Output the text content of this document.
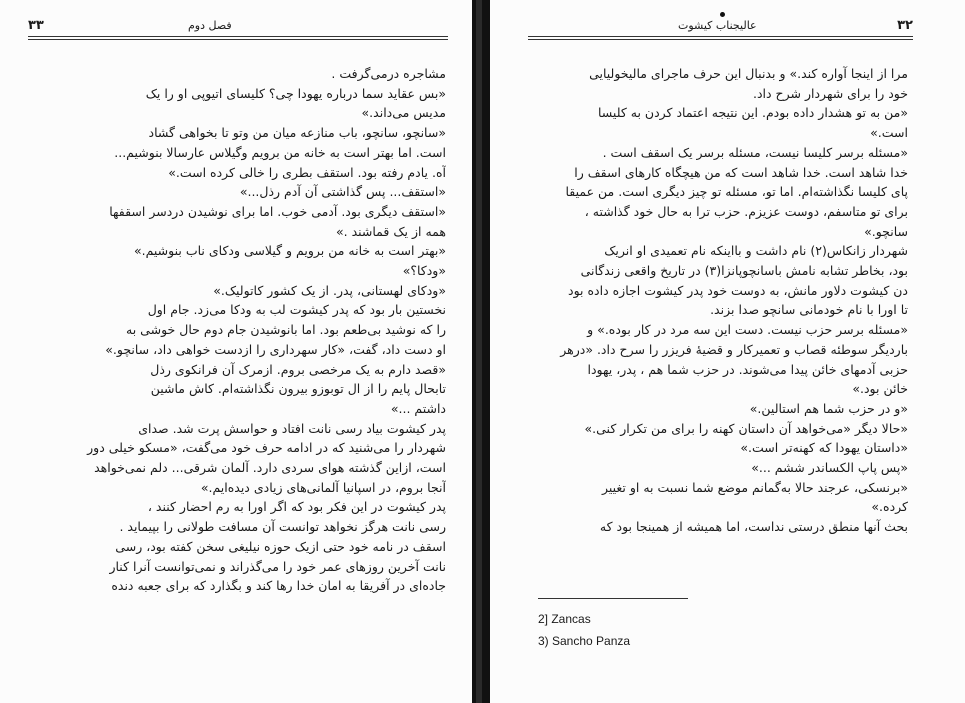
۳۳	فصل دوم
مشاجره درمی‌گرفت .
«بس عقاید سما درباره یهودا چی؟ کلیسای اتیوپی او را یک
مدیس می‌داند.»
«سانچو، سانچو، باب منازعه میان من وتو تا بخواهی گشاد
است. اما بهتر است به خانه من برویم وگیلاس عارسالا بنوشیم...
آه. یادم رفته بود. استقف بطری را خالی کرده است.»
«استقف... پس گذاشتی آن آدم رذل...»
«استقف دیگری بود. آدمی خوب. اما برای نوشیدن دردسر اسقفها
همه از یک قماشند .»
«بهتر است به خانه من برویم و گیلاسی ودکای ناب بنوشیم.»
«ودکا؟»
«ودکای لهستانی، پدر. از یک کشور کاتولیک.»
نخستین بار بود که پدر کیشوت لب به ودکا می‌زد. جام اول
را که نوشید بی‌طعم بود. اما بانوشیدن جام دوم حال خوشی به
او دست داد، گفت، «کار سهرداری را ازدست خواهی داد، سانچو.»
«قصد دارم به یک مرخصی بروم. ازمرک آن فرانکوی رذل
تابحال پایم را از ال توبوزو بیرون نگذاشته‌ام. کاش ماشین
داشتم ...»
پدر کیشوت بیاد رسی نانت افتاد و حواسش پرت شد. صدای
شهردار را می‌شنید که در ادامه حرف خود می‌گفت، «مسکو خیلی دور
است، ازاین گذشته هوای سردی دارد. آلمان شرقی... دلم نمی‌خواهد
آنجا بروم، در اسپانیا آلمانی‌های زیادی دیده‌ایم.»
پدر کیشوت در این فکر بود که اگر اورا به رم احضار کنند ،
رسی نانت هرگز نخواهد توانست آن مسافت طولانی را بپیماید .
اسقف در نامه خود حتی ازیک حوزه نیلیغی سخن کفته بود، رسی
نانت آخرین روزهای عمر خود را می‌گذراند و نمی‌توانست آنرا کنار
جاده‌ای در آفریقا به امان خدا رها کند و بگذارد که برای جعبه دنده
۳۲
عالیجناب کیشوت
مرا از اینجا آواره کند.» و بدنبال این حرف ماجرای مالیخولیایی
خود را برای شهردار شرح داد.
«من به تو هشدار داده بودم. این نتیجه اعتماد کردن به کلیسا
است.»
«مسئله برسر کلیسا نیست، مسئله برسر یک اسقف است .
خدا شاهد است. خدا شاهد است که من هیچگاه کارهای اسقف را
پای کلیسا نگذاشته‌ام. اما تو، مسئله تو چیز دیگری است. من عمیقا
برای تو متاسفم، دوست عزیزم. حزب ترا به حال خود گذاشته ،
سانچو.»
شهردار زانکاس(۲) نام داشت و بااینکه نام تعمیدی او انریک
بود، بخاطر تشابه نامش باسانچوپانزا(۳) در تاریخ واقعی زندگانی
دن کیشوت دلاور مانش، به دوست خود پدر کیشوت اجازه داده بود
تا اورا با نام خودمانی سانچو صدا بزند.
«مسئله برسر حزب نیست. دست این سه مرد در کار بوده.» و
باردیگر سوطئه قصاب و تعمیرکار و قضیهٔ فریزر را سرح داد. «درهر
حزبی آدمهای خائن پیدا می‌شوند. در حزب شما هم ، پدر، یهودا
خائن بود.»
«و در حزب شما هم استالین.»
«حالا دیگر «می‌خواهد آن داستان کهنه را برای من تکرار کنی.»
«داستان یهودا که کهنه‌تر است.»
«پس پاپ الکساندر ششم ...»
«برنسکی، عرجند حالا به‌گمانم موضع شما نسبت به او تغییر
کرده.»
بحث آنها منطق درستی نداست، اما همیشه از همینجا بود که
2] Zancas
3) Sancho Panza
